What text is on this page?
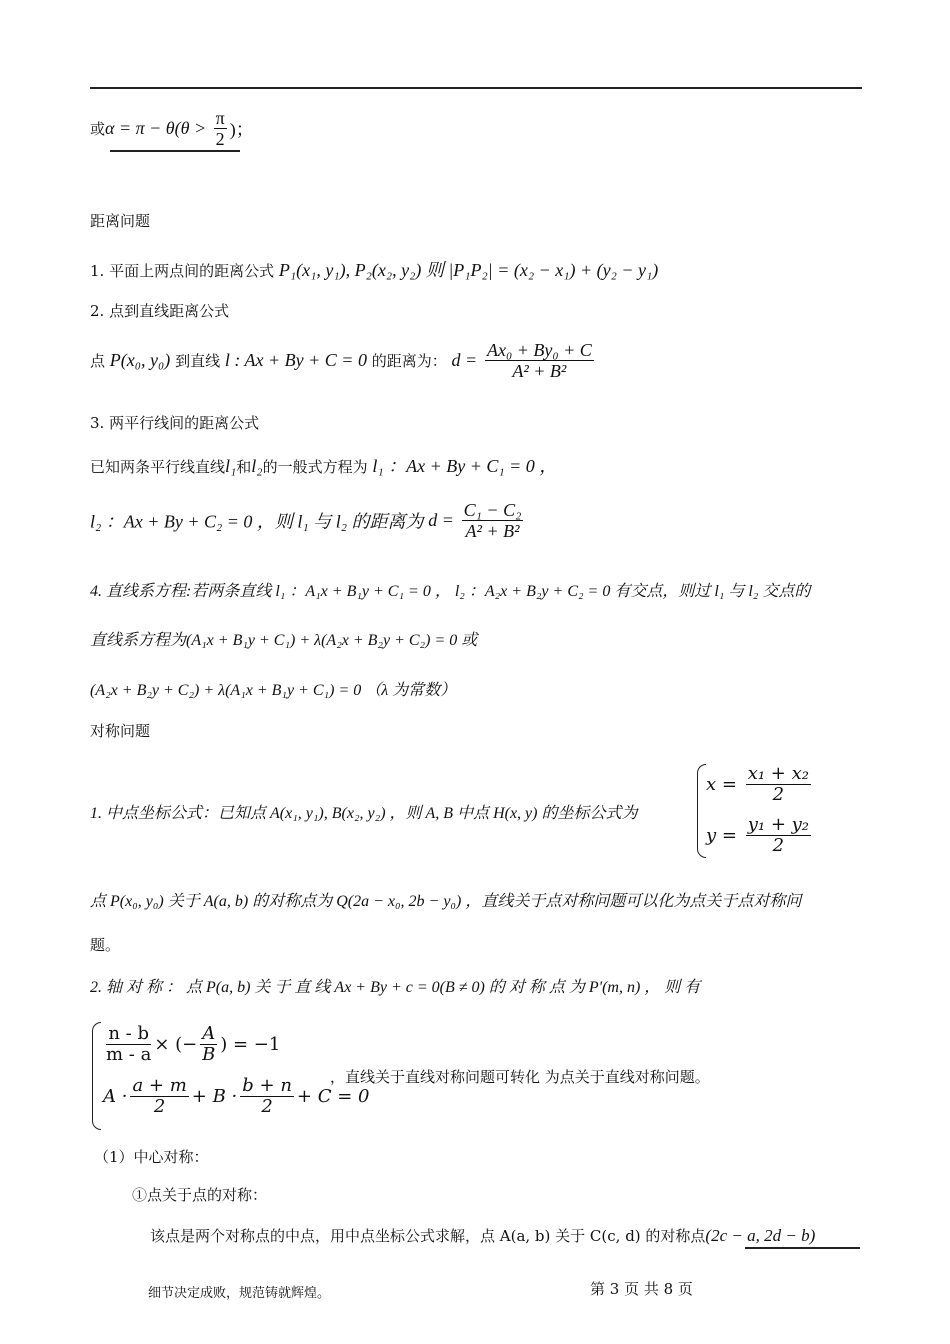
或$\alpha = \pi - \theta(\theta > \frac{\pi}{2}$ )；
距离问题
1. 平面上两点间的距离公式 P₁(x₁, y₁), P₂(x₂, y₂) 则 |P₁P₂| = (x₂ − x₁) + (y₂ − y₁)
2. 点到直线距离公式
点 P(x₀, y₀) 到直线 l : Ax + By + C = 0 的距离为： $d = \frac{\text{Ax₀ + By₀ + C}}{\text{A² + B²}}$
3. 两平行线间的距离公式
已知两条平行线直线l₁和l₂的一般式方程为 l₁ ：Ax + By + C₁ = 0 ，
l₂ ：Ax + By + C₂ = 0 ，则 l₁ 与 l₂ 的距离为 $d = \frac{\text{C₁ − C₂}}{\text{A² + B²}}$
4. 直线系方程:若两条直线 l₁ ：A₁x + B₁y + C₁ = 0 ， l₂ ：A₂x + B₂y + C₂ = 0 有交点，则过 l₁ 与 l₂ 交点的
直线系方程为(A₁x + B₁y + C₁) + λ(A₂x + B₂y + C₂) = 0 或
(A₂x + B₂y + C₂) + λ(A₁x + B₁y + C₁) = 0 （λ 为常数）
对称问题
1. 中点坐标公式：已知点 A(x₁, y₁), B(x₂, y₂) ，则 A, B 中点 H(x, y) 的坐标公式为
$x = \frac{\text{x₁ + x₂}}{2}$
$y = \frac{\text{y₁ + y₂}}{2}$
点 P(x₀, y₀) 关于 A(a, b) 的对称点为 Q(2a − x₀, 2b − y₀) ，直线关于点对称问题可以化为点关于点对称问
题。
2. 轴 对 称 ： 点 P(a, b) 关 于 直 线 Ax + By + c = 0(B ≠ 0) 的 对 称 点 为 P'(m, n) ， 则 有
$\frac{n - b}{m - a}$ × (− $\frac{A}{B}$ ) = −1
$A \cdot \frac{a + m}{2} + B \cdot \frac{b + n}{2} + C = 0$
，直线关于直线对称问题可转化 为点关于直线对称问题。
（1）中心对称：
①点关于点的对称：
该点是两个对称点的中点，用中点坐标公式求解，点 A(a, b) 关于 C(c, d) 的对称点(2c − a, 2d − b)
细节决定成败，规范铸就辉煌。	第 3 页 共 8 页
